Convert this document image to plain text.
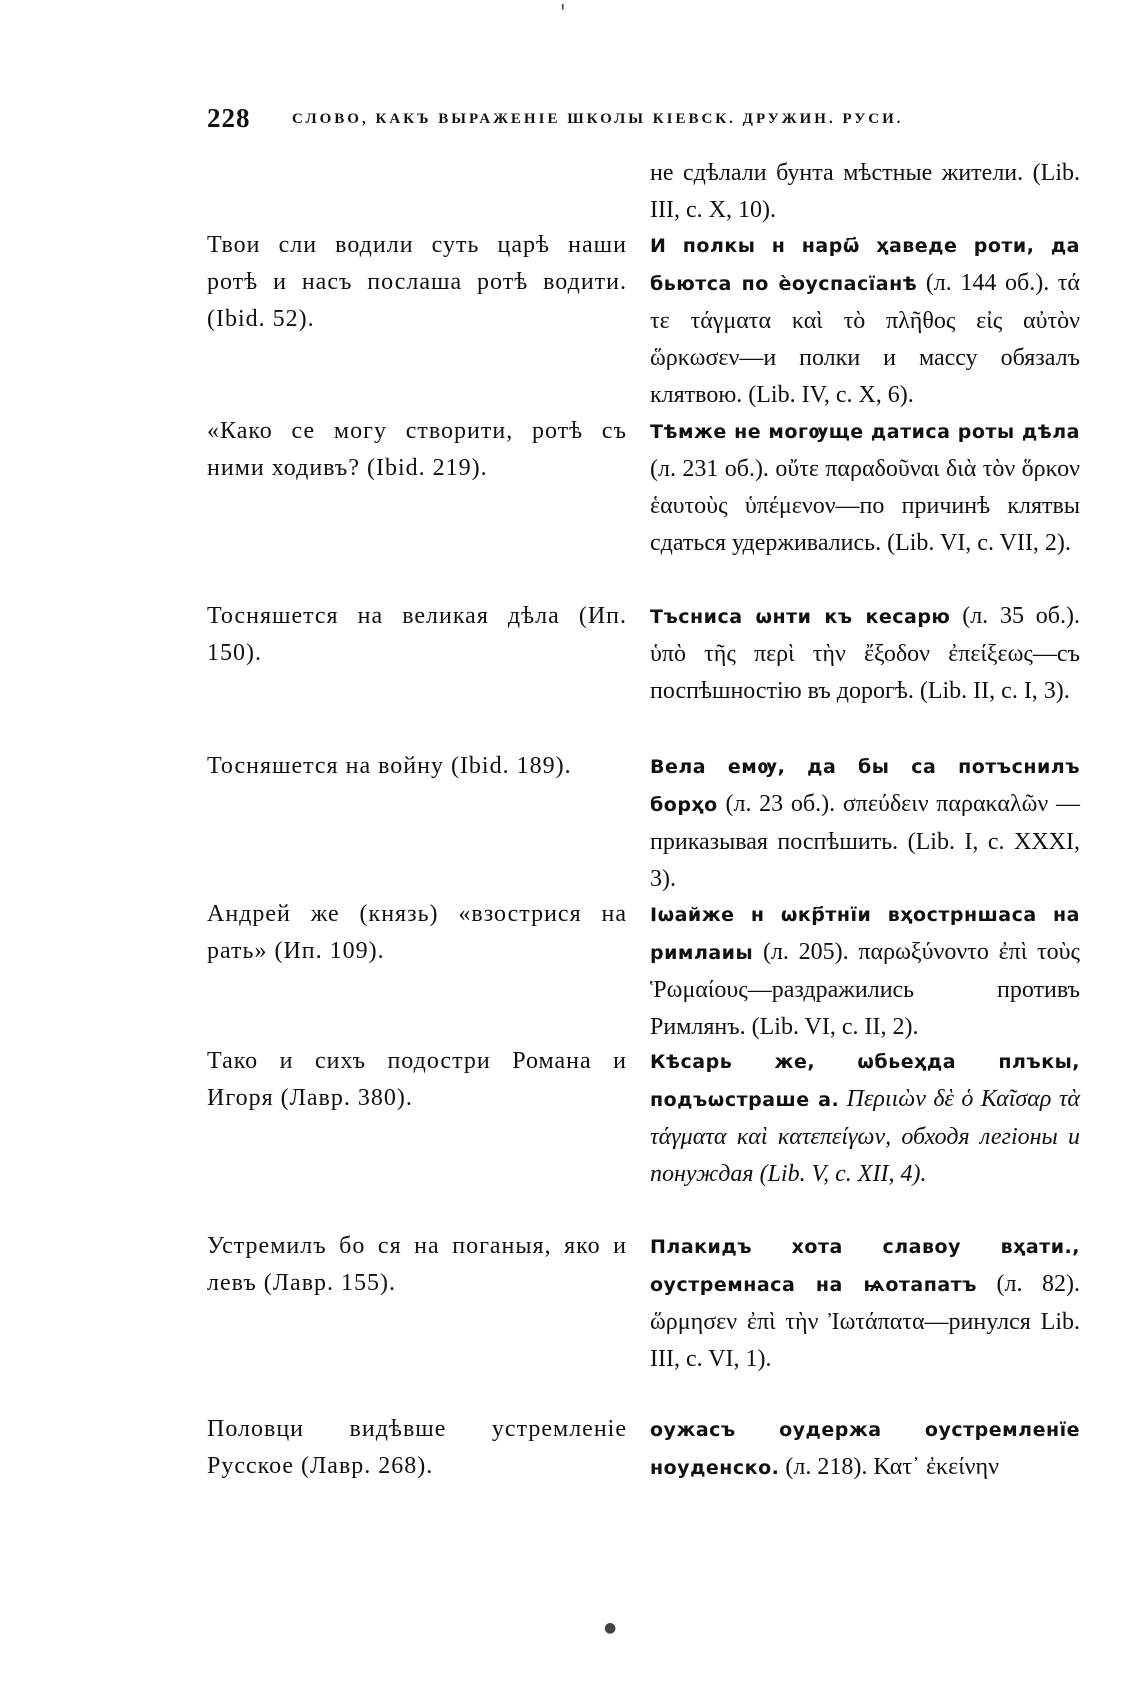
228	СЛОВО, КАКЪ ВЫРАЖЕНІЕ ШКОЛЫ КІЕВСК. ДРУЖИН. РУСИ.
не сдѣлали бунта мѣстные жители. (Lib. III, c. X, 10).
Твои сли водили суть царѣ наши ротѣ и насъ послаша ротѣ водити. (Ibid. 52).
И полкы н нарѡ҃ ҳаведе роти, да бьютса по ѐоуспасїанѣ (л. 144 об.). τά τε τάγματα καὶ τὸ πλῆθος εἰς αὐτὸν ὥρκωσεν—и полки и массу обязалъ клятвою. (Lib. IV, c. X, 6).
«Како се могу створити, ротѣ съ ними ходивъ? (Ibid. 219).
Тѣмже не могѹще датиса роты дѣла (л. 231 об.). οὔτε παραδοῦναι διὰ τὸν ὅρκον ἑαυτοὺς ὑπέμενον—по причинѣ клятвы сдаться удерживались. (Lib. VI, c. VII, 2).
Тосняшется на великая дѣла (Ип. 150).
Тъсниса ѡнти къ кесарю (л. 35 об.). ὑπὸ τῆς περὶ τὴν ἔξοδον ἐπείξεως—съ поспѣшностію въ дорогѣ. (Lib. II, c. I, 3).
Тосняшется на войну (Ibid. 189).	Вела емѹ, да бы са потъснилъ борҳо (л. 23 об.). σπεύδειν παρακαλῶν — приказывая поспѣшить. (Lib. I, c. XXXI, 3).
Андрей же (князь) «взострися на рать» (Ип. 109).
Ιѡайже н ѡкр҃тнїи вҳострншаса на римлаиы (л. 205). παρωξύνοντο ἐπὶ τοὺς Ῥωμαίους—раздражились противъ Римлянъ. (Lib. VI, c. II, 2).
Тако и сихъ подостри Романа и Игоря (Лавр. 380).
Кѣсарь же, ѡбьеҳда плъкы, подъѡстраше а. Περιιὼν δὲ ὁ Καῖσαρ τὰ τάγματα καὶ κατεπείγων, обходя легіоны и понуждая (Lib. V, c. XII, 4).
Устремилъ бо ся на поганыя, яко и левъ (Лавр. 155).
Плакидъ хота славоу вҳати., оустремнаса на ѩотапатъ (л. 82). ὥρμησεν ἐπὶ τὴν Ἰωτάπατα—ринулся Lib. III, c. VI, 1).
Половци видѣвше устремленіе Русское (Лавр. 268).
оужасъ оудержа оустремленїе ноуденско. (л. 218). Κατ᾽ ἐκείνην
'
●
